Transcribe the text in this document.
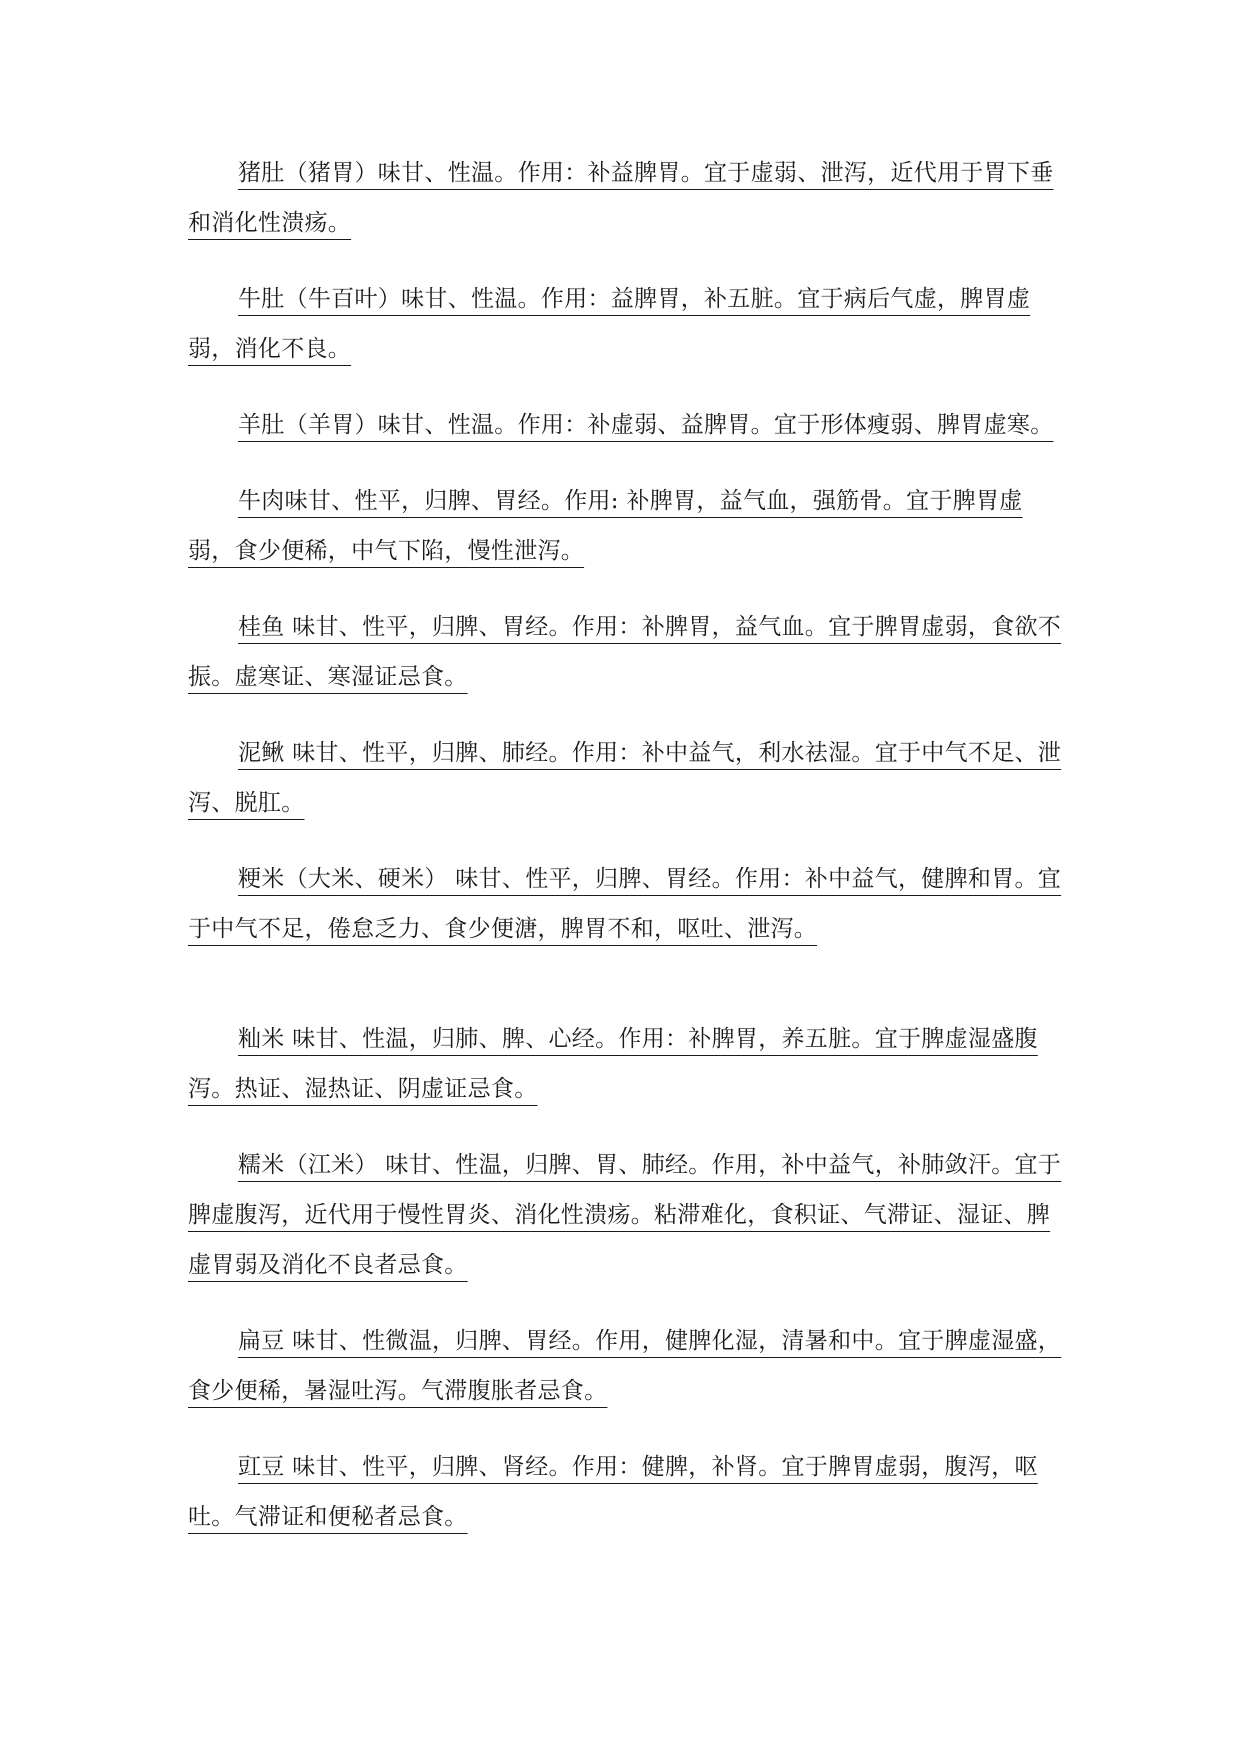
猪肚（猪胃）味甘、性温。作用：补益脾胃。宜于虚弱、泄泻，近代用于胃下垂和消化性溃疡。

牛肚（牛百叶）味甘、性温。作用：益脾胃，补五脏。宜于病后气虚，脾胃虚弱，消化不良。

羊肚（羊胃）味甘、性温。作用：补虚弱、益脾胃。宜于形体瘦弱、脾胃虚寒。

牛肉味甘、性平，归脾、胃经。作用: 补脾胃，益气血，强筋骨。宜于脾胃虚弱，食少便稀，中气下陷，慢性泄泻。

桂鱼 味甘、性平，归脾、胃经。作用：补脾胃，益气血。宜于脾胃虚弱，食欲不振。虚寒证、寒湿证忌食。

泥鳅 味甘、性平，归脾、肺经。作用：补中益气，利水祛湿。宜于中气不足、泄泻、脱肛。

粳米（大米、硬米） 味甘、性平，归脾、胃经。作用：补中益气，健脾和胃。宜于中气不足，倦怠乏力、食少便溏，脾胃不和，呕吐、泄泻。

籼米 味甘、性温，归肺、脾、心经。作用：补脾胃，养五脏。宜于脾虚湿盛腹泻。热证、湿热证、阴虚证忌食。

糯米（江米） 味甘、性温，归脾、胃、肺经。作用，补中益气，补肺敛汗。宜于脾虚腹泻，近代用于慢性胃炎、消化性溃疡。粘滞难化，食积证、气滞证、湿证、脾虚胃弱及消化不良者忌食。

扁豆 味甘、性微温，归脾、胃经。作用，健脾化湿，清暑和中。宜于脾虚湿盛，食少便稀，暑湿吐泻。气滞腹胀者忌食。

豇豆 味甘、性平，归脾、肾经。作用：健脾，补肾。宜于脾胃虚弱，腹泻，呕吐。气滞证和便秘者忌食。
